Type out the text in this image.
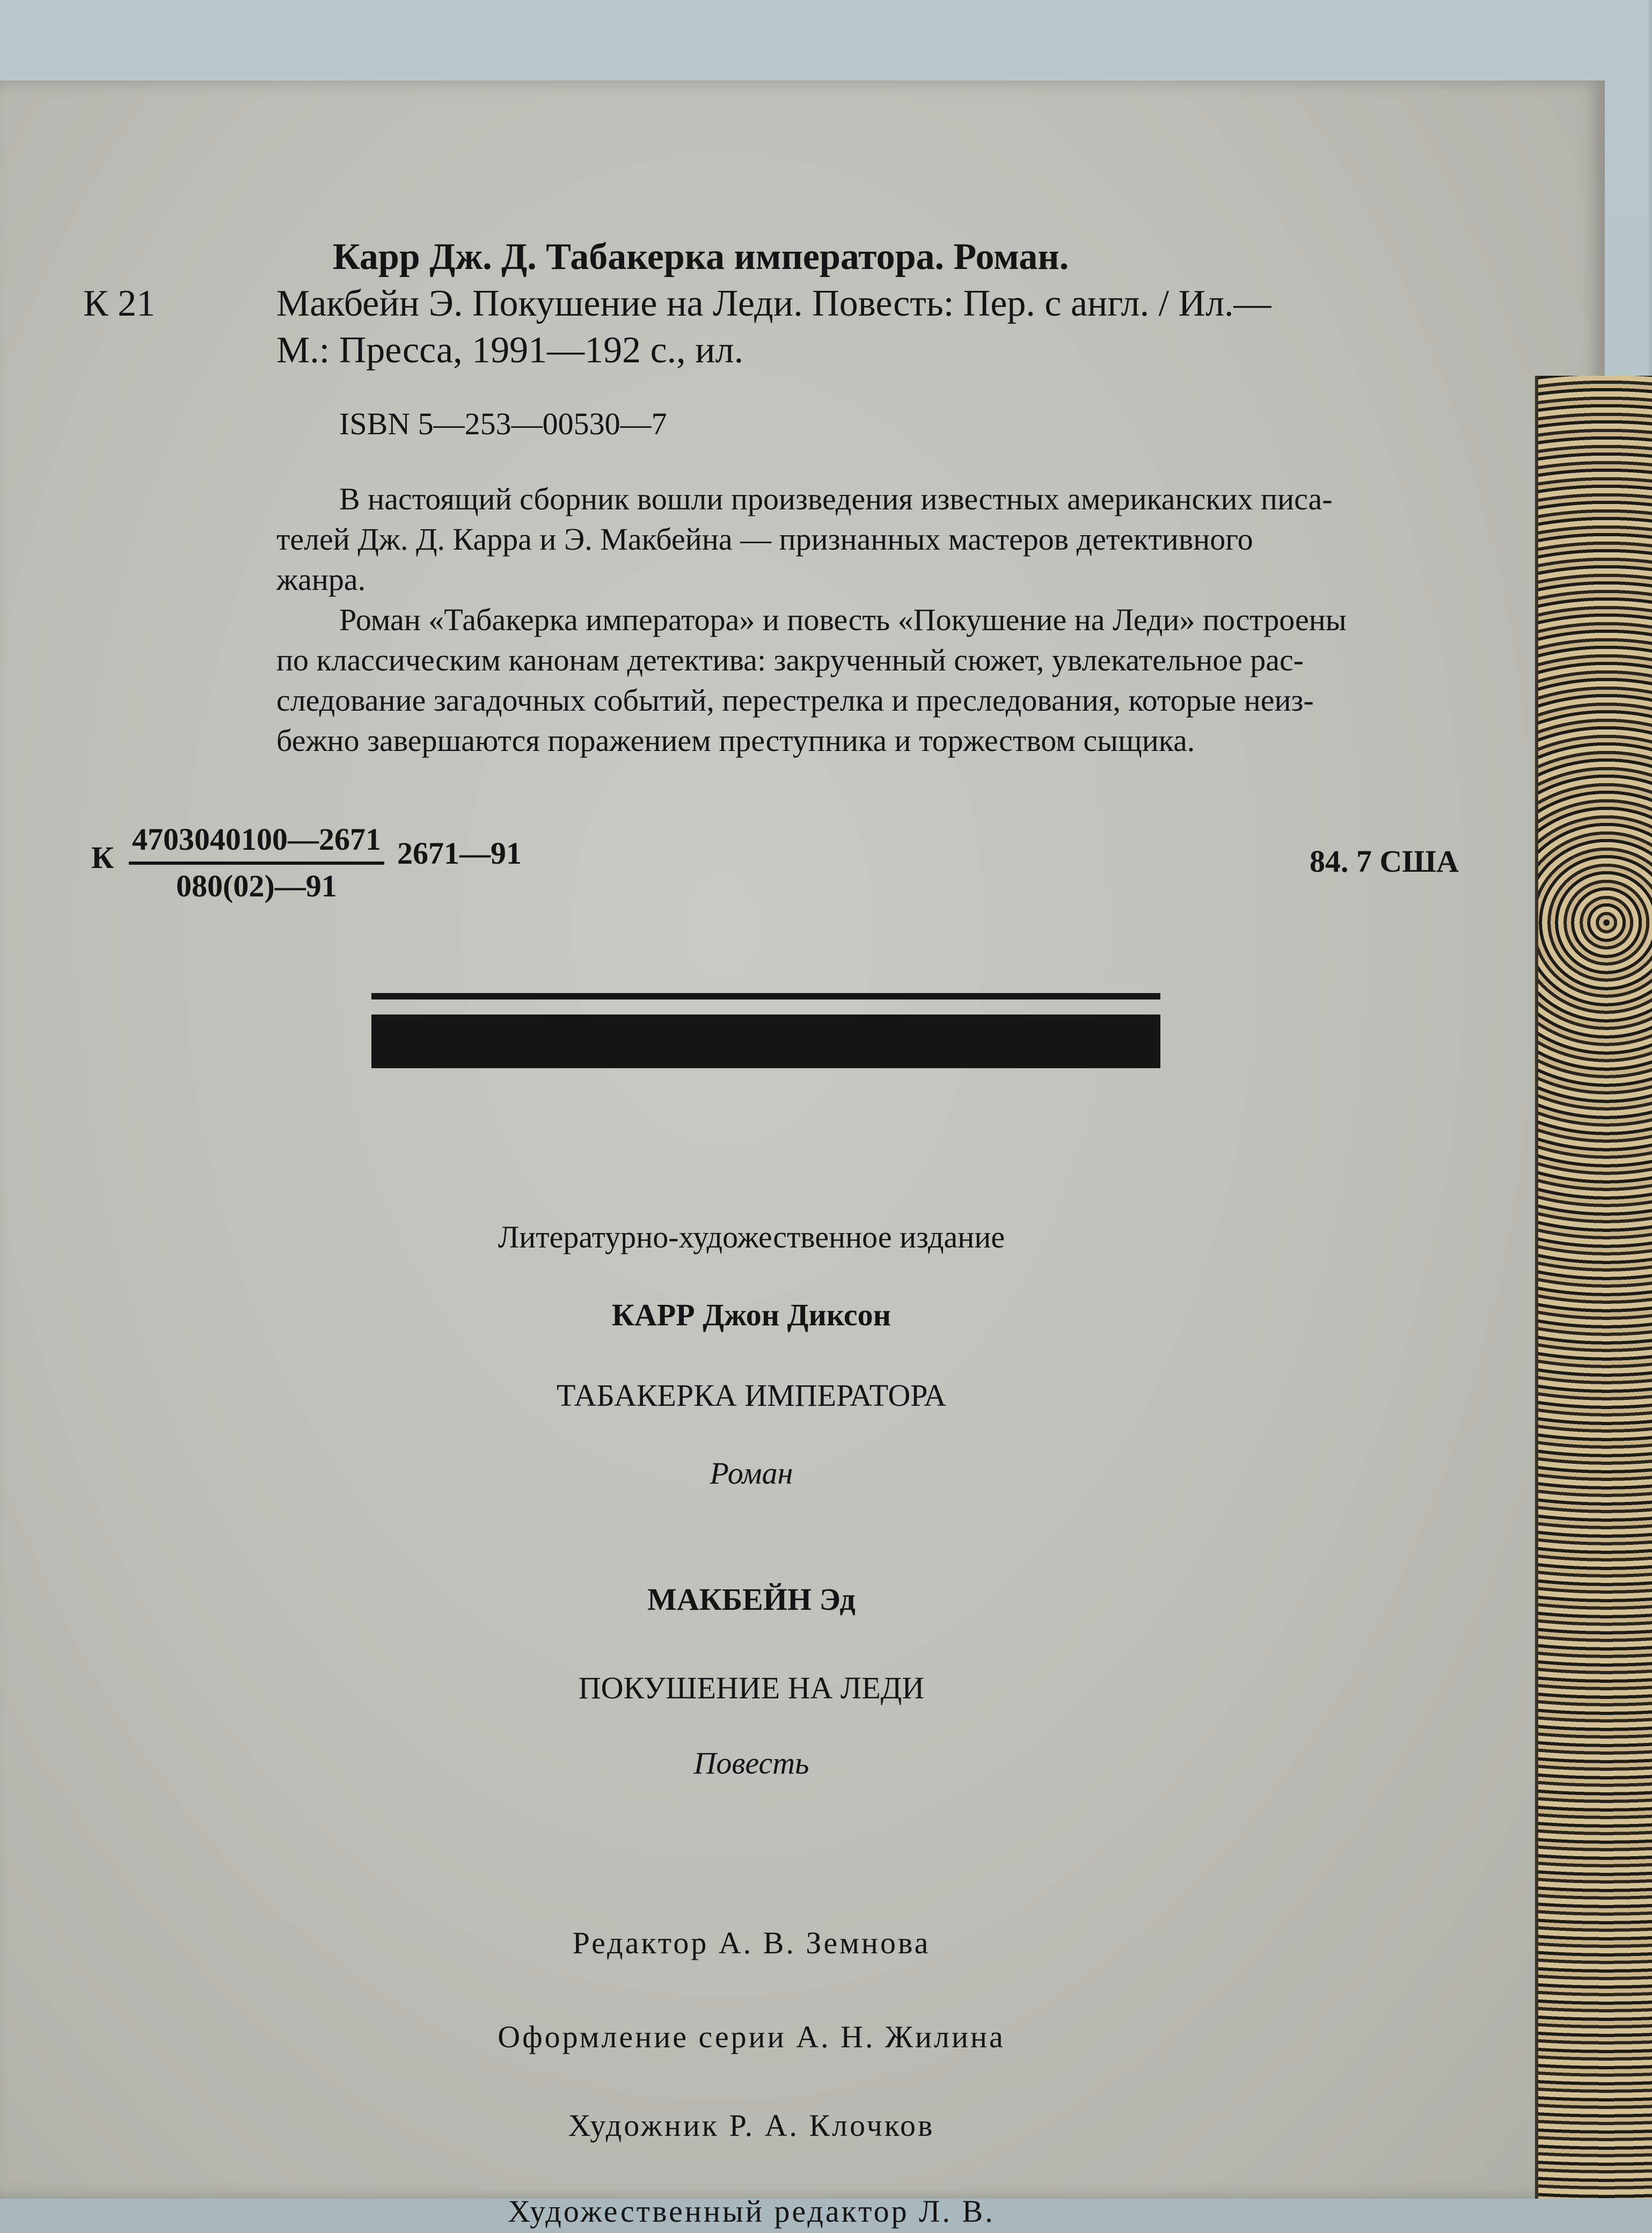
К 21
Карр Дж. Д. Табакерка императора. Роман.
Макбейн Э. Покушение на Леди. Повесть: Пер. с англ. / Ил.—
М.: Пресса, 1991—192 с., ил.
ISBN 5—253—00530—7
В настоящий сборник вошли произведения известных американских писа-
телей Дж. Д. Карра и Э. Макбейна — признанных мастеров детективного
жанра.
Роман «Табакерка императора» и повесть «Покушение на Леди» построены
по классическим канонам детектива: закрученный сюжет, увлекательное рас-
следование загадочных событий, перестрелка и преследования, которые неиз-
бежно завершаются поражением преступника и торжеством сыщика.
К $\frac{4703040100—2671}{080(02)—91}$ 2671—91	84. 7 США
Литературно-художественное издание
КАРР Джон Диксон
ТАБАКЕРКА ИМПЕРАТОРА
Роман
МАКБЕЙН Эд
ПОКУШЕНИЕ НА ЛЕДИ
Повесть
Редактор А. В. Земнова
Оформление серии А. Н. Жилина
Художник Р. А. Клочков
Художественный редактор Л. В.
